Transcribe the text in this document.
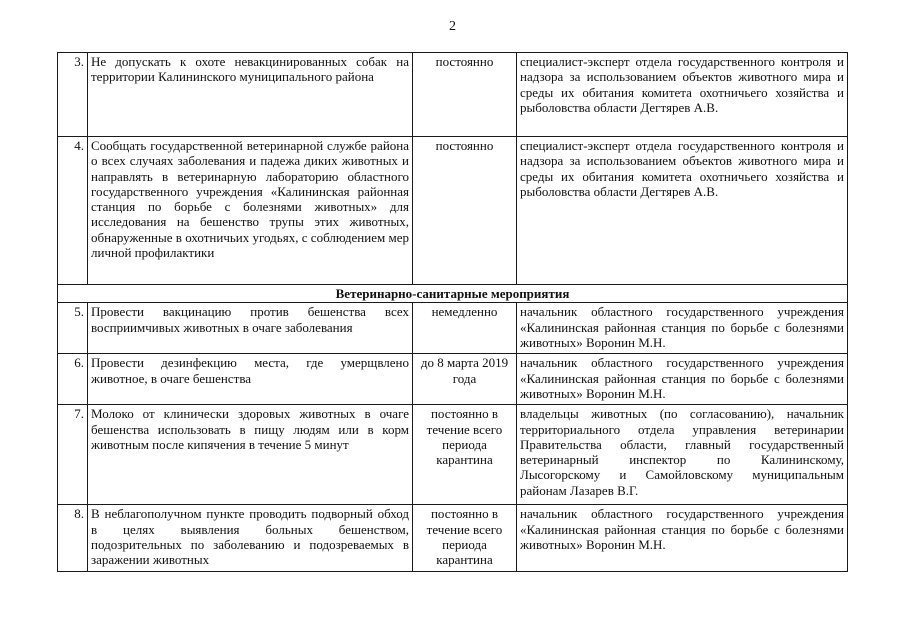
2
3.	Не допускать к охоте невакцинированных собак на территории Калининского муниципального района	постоянно	специалист-эксперт отдела государственного контроля и надзора за использованием объектов животного мира и среды их обитания комитета охотничьего хозяйства и рыболовства области Дегтярев А.В.
4.	Сообщать государственной ветеринарной службе района о всех случаях заболевания и падежа диких животных и направлять в ветеринарную лабораторию областного государственного учреждения «Калининская районная станция по борьбе с болезнями животных» для исследования на бешенство трупы этих животных, обнаруженные в охотничьих угодьях, с соблюдением мер личной профилактики	постоянно	специалист-эксперт отдела государственного контроля и надзора за использованием объектов животного мира и среды их обитания комитета охотничьего хозяйства и рыболовства области Дегтярев А.В.
Ветеринарно-санитарные мероприятия			
5.	Провести вакцинацию против бешенства всех восприимчивых животных в очаге заболевания	немедленно	начальник областного государственного учреждения «Калининская районная станция по борьбе с болезнями животных» Воронин М.Н.
6.	Провести дезинфекцию места, где умерщвлено животное, в очаге бешенства	до 8 марта 2019 года	начальник областного государственного учреждения «Калининская районная станция по борьбе с болезнями животных» Воронин М.Н.
7.	Молоко от клинически здоровых животных в очаге бешенства использовать в пищу людям или в корм животным после кипячения в течение 5 минут	постоянно в течение всего периода карантина	владельцы животных (по согласованию), начальник территориального отдела управления ветеринарии Правительства области, главный государственный ветеринарный инспектор по Калининскому, Лысогорскому и Самойловскому муниципальным районам Лазарев В.Г.
8.	В неблагополучном пункте проводить подворный обход в целях выявления больных бешенством, подозрительных по заболеванию и подозреваемых в заражении животных	постоянно в течение всего периода карантина	начальник областного государственного учреждения «Калининская районная станция по борьбе с болезнями животных» Воронин М.Н.
